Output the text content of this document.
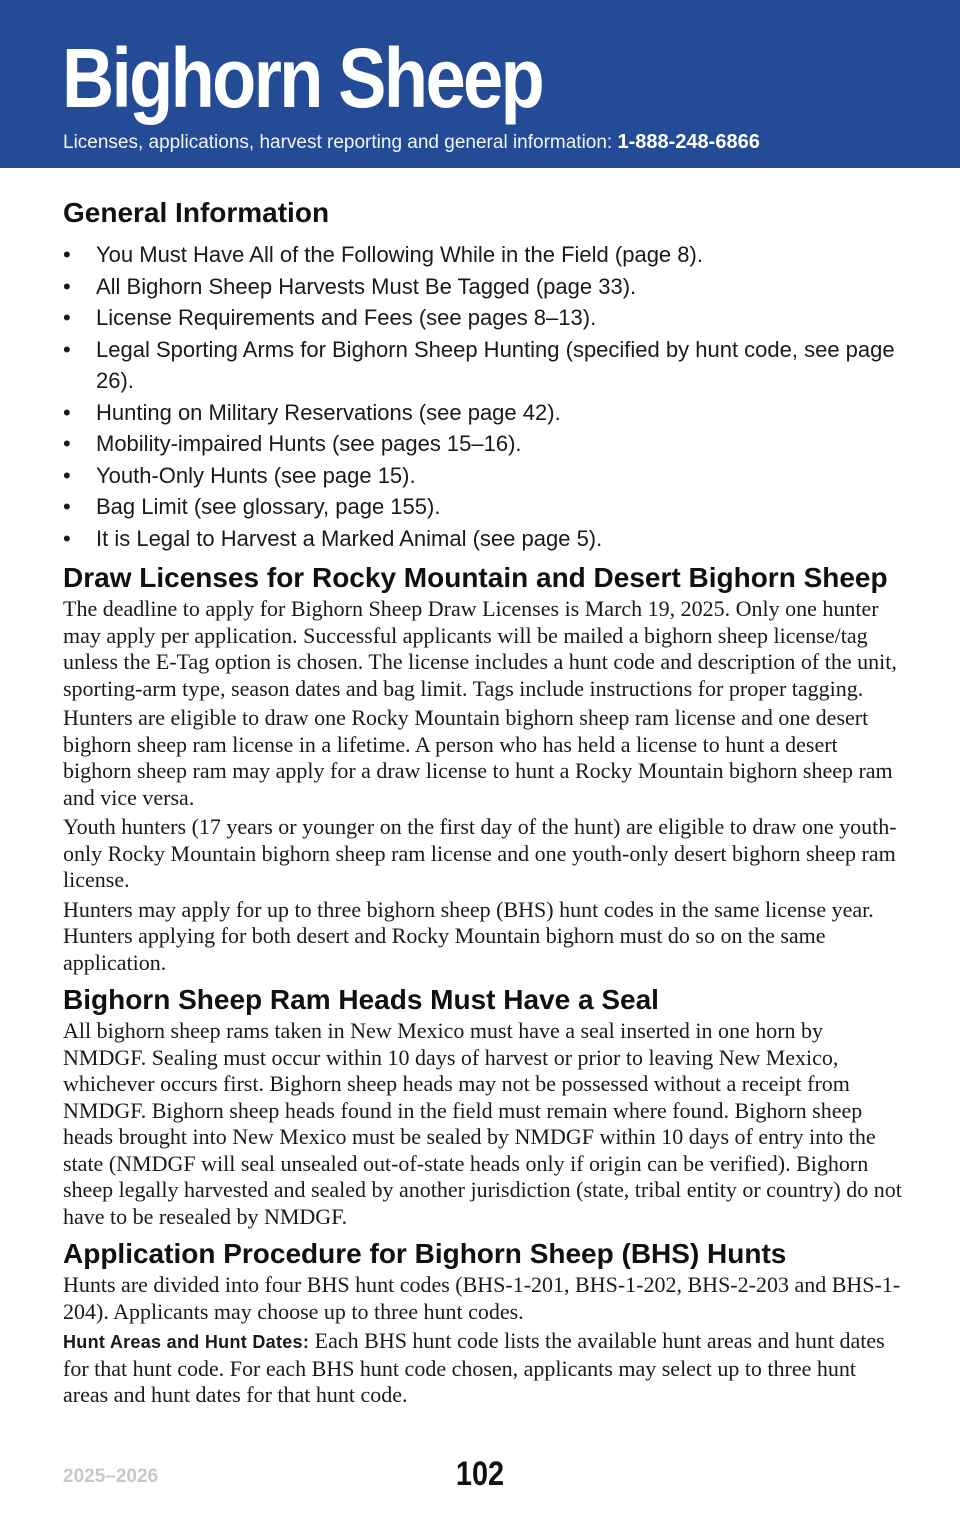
Bighorn Sheep
Licenses, applications, harvest reporting and general information: 1-888-248-6866
General Information
• You Must Have All of the Following While in the Field (page 8).
• All Bighorn Sheep Harvests Must Be Tagged (page 33).
• License Requirements and Fees (see pages 8–13).
• Legal Sporting Arms for Bighorn Sheep Hunting (specified by hunt code, see page 26).
• Hunting on Military Reservations (see page 42).
• Mobility-impaired Hunts (see pages 15–16).
• Youth-Only Hunts (see page 15).
• Bag Limit (see glossary, page 155).
• It is Legal to Harvest a Marked Animal (see page 5).
Draw Licenses for Rocky Mountain and Desert Bighorn Sheep

The deadline to apply for Bighorn Sheep Draw Licenses is March 19, 2025. Only one hunter may apply per application. Successful applicants will be mailed a bighorn sheep license/tag unless the E-Tag option is chosen. The license includes a hunt code and description of the unit, sporting-arm type, season dates and bag limit. Tags include instructions for proper tagging.

Hunters are eligible to draw one Rocky Mountain bighorn sheep ram license and one desert bighorn sheep ram license in a lifetime. A person who has held a license to hunt a desert bighorn sheep ram may apply for a draw license to hunt a Rocky Mountain bighorn sheep ram and vice versa.

Youth hunters (17 years or younger on the first day of the hunt) are eligible to draw one youth-only Rocky Mountain bighorn sheep ram license and one youth-only desert bighorn sheep ram license.

Hunters may apply for up to three bighorn sheep (BHS) hunt codes in the same license year. Hunters applying for both desert and Rocky Mountain bighorn must do so on the same application.

Bighorn Sheep Ram Heads Must Have a Seal

All bighorn sheep rams taken in New Mexico must have a seal inserted in one horn by NMDGF. Sealing must occur within 10 days of harvest or prior to leaving New Mexico, whichever occurs first. Bighorn sheep heads may not be possessed without a receipt from NMDGF. Bighorn sheep heads found in the field must remain where found. Bighorn sheep heads brought into New Mexico must be sealed by NMDGF within 10 days of entry into the state (NMDGF will seal unsealed out-of-state heads only if origin can be verified). Bighorn sheep legally harvested and sealed by another jurisdiction (state, tribal entity or country) do not have to be resealed by NMDGF.

Application Procedure for Bighorn Sheep (BHS) Hunts

Hunts are divided into four BHS hunt codes (BHS-1-201, BHS-1-202, BHS-2-203 and BHS-1-204). Applicants may choose up to three hunt codes.

Hunt Areas and Hunt Dates: Each BHS hunt code lists the available hunt areas and hunt dates for that hunt code. For each BHS hunt code chosen, applicants may select up to three hunt areas and hunt dates for that hunt code.

2025–2026	102
